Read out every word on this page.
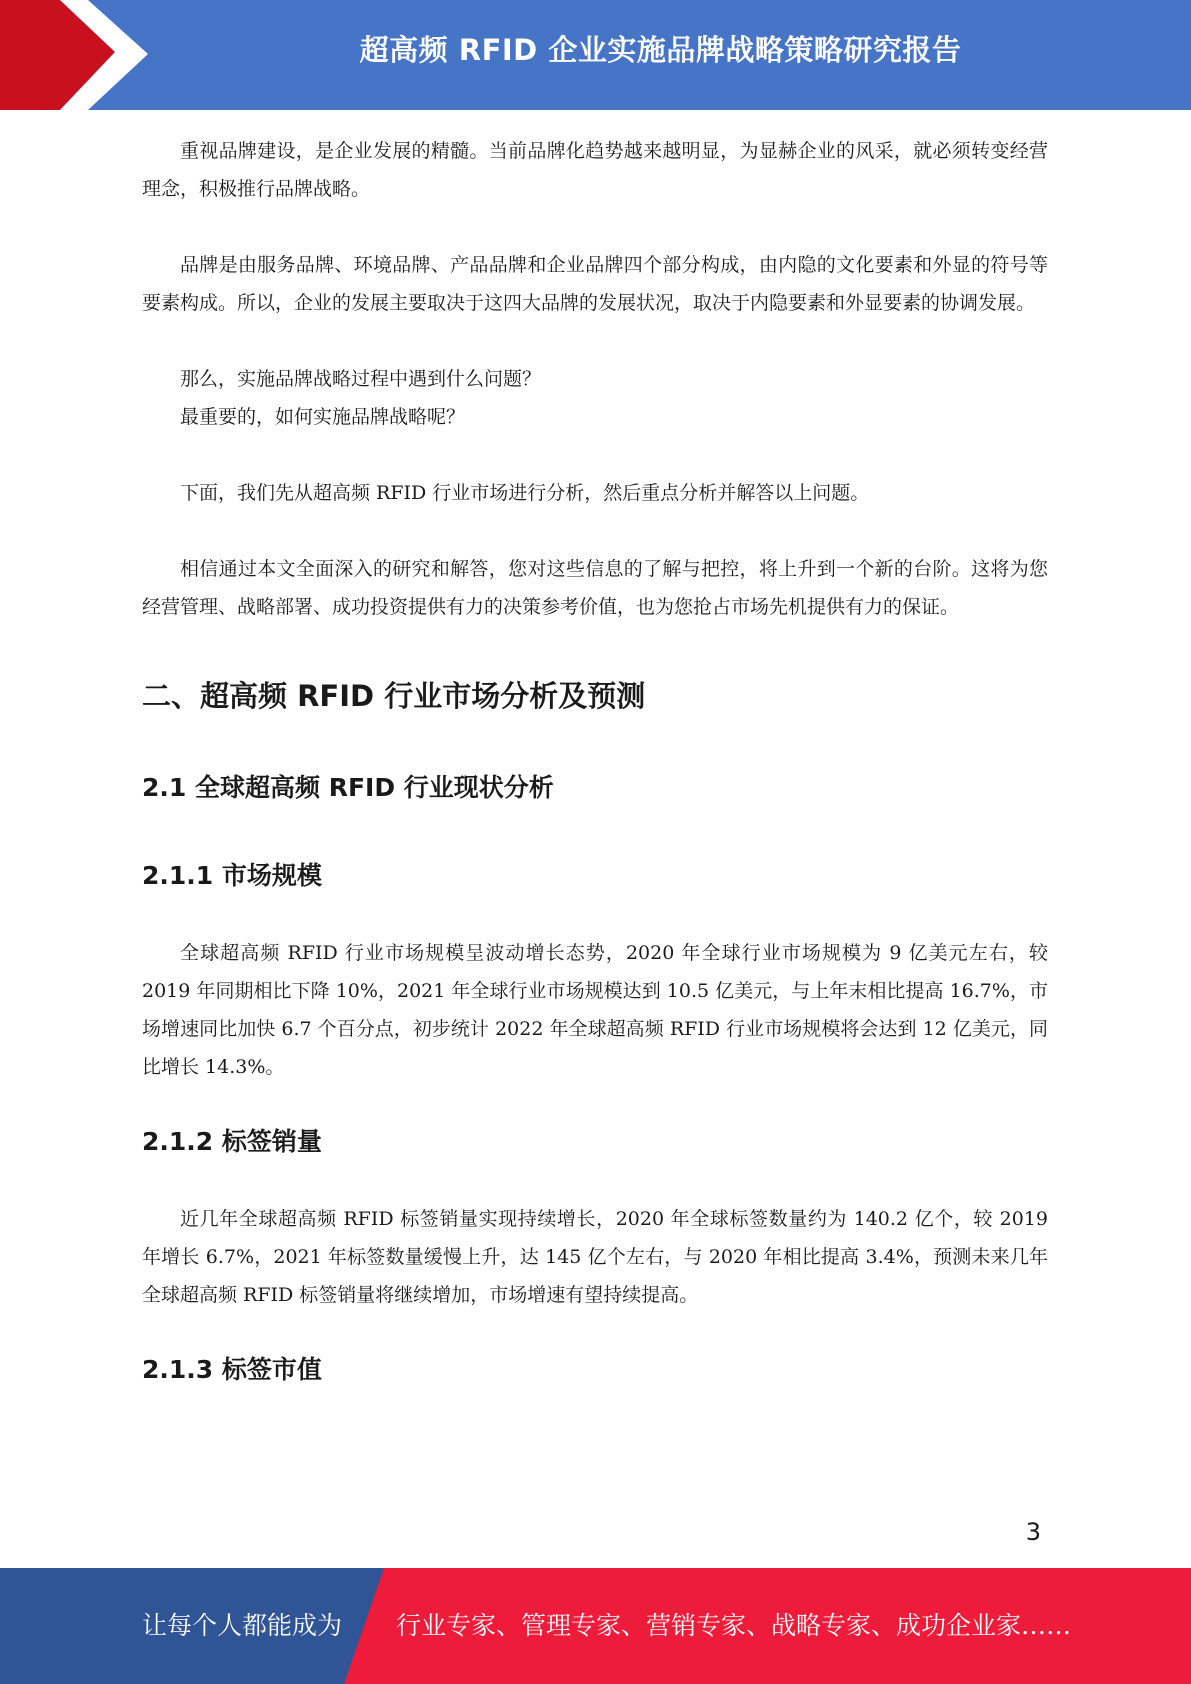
超高频 RFID 企业实施品牌战略策略研究报告

重视品牌建设，是企业发展的精髓。当前品牌化趋势越来越明显，为显赫企业的风采，就必须转变经营理念，积极推行品牌战略。

品牌是由服务品牌、环境品牌、产品品牌和企业品牌四个部分构成，由内隐的文化要素和外显的符号等要素构成。所以，企业的发展主要取决于这四大品牌的发展状况，取决于内隐要素和外显要素的协调发展。

那么，实施品牌战略过程中遇到什么问题？

最重要的，如何实施品牌战略呢？

下面，我们先从超高频 RFID 行业市场进行分析，然后重点分析并解答以上问题。

相信通过本文全面深入的研究和解答，您对这些信息的了解与把控，将上升到一个新的台阶。这将为您经营管理、战略部署、成功投资提供有力的决策参考价值，也为您抢占市场先机提供有力的保证。

二、超高频 RFID 行业市场分析及预测
2.1 全球超高频 RFID 行业现状分析
2.1.1 市场规模

全球超高频 RFID 行业市场规模呈波动增长态势，2020 年全球行业市场规模为 9 亿美元左右，较 2019 年同期相比下降 10%，2021 年全球行业市场规模达到 10.5 亿美元，与上年末相比提高 16.7%，市场增速同比加快 6.7 个百分点，初步统计 2022 年全球超高频 RFID 行业市场规模将会达到 12 亿美元，同比增长 14.3%。

2.1.2 标签销量

近几年全球超高频 RFID 标签销量实现持续增长，2020 年全球标签数量约为 140.2 亿个，较 2019 年增长 6.7%，2021 年标签数量缓慢上升，达 145 亿个左右，与 2020 年相比提高 3.4%，预测未来几年全球超高频 RFID 标签销量将继续增加，市场增速有望持续提高。

2.1.3 标签市值
3
让每个人都能成为 行业专家、管理专家、营销专家、战略专家、成功企业家……
